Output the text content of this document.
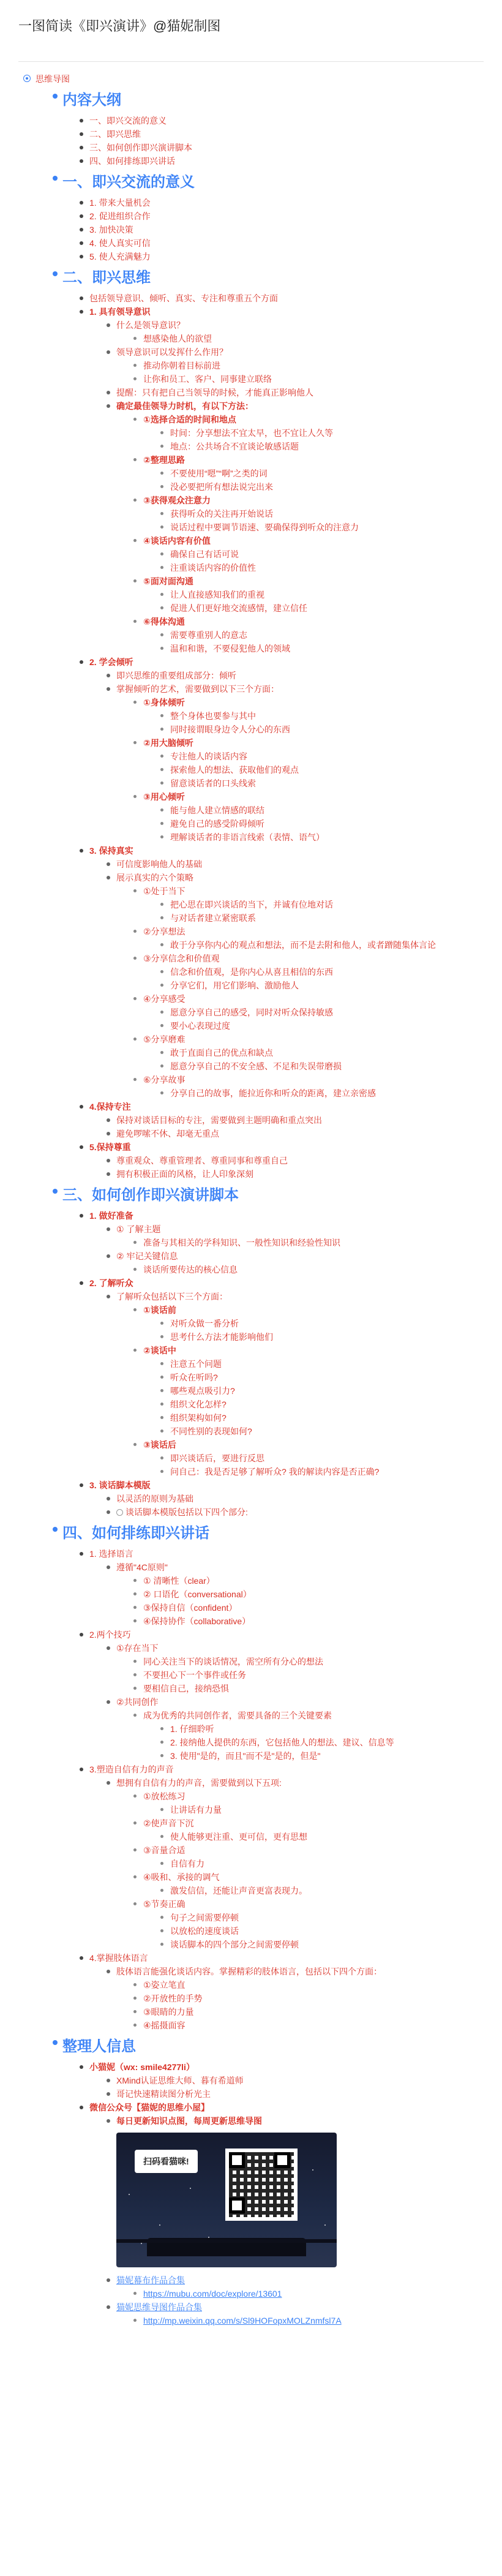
一图简读《即兴演讲》@猫妮制图
思维导图
内容大纲
一、即兴交流的意义
二、即兴思维
三、如何创作即兴演讲脚本
四、如何排练即兴讲话
一、即兴交流的意义
1. 带来大量机会
2. 促进组织合作
3. 加快决策
4. 使人真实可信
5. 使人充满魅力
二、即兴思维
包括领导意识、倾听、真实、专注和尊重五个方面
1. 具有领导意识
什么是领导意识？
想感染他人的欲望
领导意识可以发挥什么作用？
推动你朝着目标前进
让你和员工、客户、同事建立联络
提醒：只有把自己当领导的时候，才能真正影响他人
确定最佳领导力时机，有以下方法：
①选择合适的时间和地点
时间：分享想法不宜太早，也不宜让人久等
地点：公共场合不宜谈论敏感话题
②整理思路
不要使用“嗯”“啊”之类的词
没必要把所有想法说完出来
③获得观众注意力
获得听众的关注再开始说话
说话过程中要调节语速、要确保得到听众的注意力
④谈话内容有价值
确保自己有话可说
注重谈话内容的价值性
⑤面对面沟通
让人直接感知我们的重视
促进人们更好地交流感情，建立信任
⑥得体沟通
需要尊重别人的意志
温和和谐，不要侵犯他人的领域
2. 学会倾听
即兴思维的重要组成部分：倾听
掌握倾听的艺术，需要做到以下三个方面：
①身体倾听
整个身体也要参与其中
同时接谓眼身边令人分心的东西
②用大脑倾听
专注他人的谈话内容
探索他人的想法、获取他们的观点
留意谈话者的口头线索
③用心倾听
能与他人建立情感的联结
避免自己的感受阶碍倾听
理解谈话者的非语言线索（表情、语气）
3. 保持真实
可信度影响他人的基础
展示真实的六个策略
①处于当下
把心思在即兴谈话的当下，并诚有位地对话
与对话者建立紧密联系
②分享想法
敢于分享你内心的观点和想法，而不是去附和他人，或者蹭随集体言论
③分享信念和价值观
信念和价值观，是你内心从喜且相信的东西
分享它们，用它们影响、激励他人
④分享感受
愿意分享自己的感受，同时对听众保持敏感
要小心表现过度
⑤分享磨难
敢于直面自己的优点和缺点
愿意分享自己的不安全感、不足和失误带磨损
⑥分享故事
分享自己的故事，能拉近你和听众的距离，建立亲密感
4.保持专注
保持对谈话目标的专注，需要做到主题明确和重点突出
避免啰嗦不休、却毫无重点
5.保持尊重
尊重观众、尊重管理者、尊重同事和尊重自己
拥有积极正面的风格，让人印象深刻
三、如何创作即兴演讲脚本
1. 做好准备
① 了解主题
准备与其相关的学科知识、一般性知识和经验性知识
② 牢记关键信息
谈话所要传达的核心信息
2. 了解听众
了解听众包括以下三个方面：
①谈话前
对听众做一番分析
思考什么方法才能影响他们
②谈话中
注意五个问题
听众在听吗?
哪些观点吸引力?
组织文化怎样?
组织架构如何?
不同性别的表现如何?
③谈话后
即兴谈话后，要进行反思
问自己：我是否足够了解听众? 我的解读内容是否正确?
3. 谈话脚本模版
以灵活的原则为基础
谈话脚本模版包括以下四个部分:
四、如何排练即兴讲话
1. 选择语言
遵循"4C原则"
① 清晰性（clear）
② 口语化（conversational）
③保持自信（confident）
④保持协作（collaborative）
2.两个技巧
①存在当下
同心关注当下的谈话情况，需空所有分心的想法
不要担心下一个事件或任务
要相信自己，接纳恐惧
②共同创作
成为优秀的共同创作者，需要具备的三个关键要素
1. 仔细聆听
2. 接纳他人提供的东西，它包括他人的想法、建议、信息等
3. 使用"是的，而且"而不是"是的，但是"
3.塑造自信有力的声音
想拥有自信有力的声音，需要做到以下五项:
①放松练习
让讲话有力量
②使声音下沉
使人能够更注重、更可信，更有思想
③音量合适
自信有力
④吸和、承接的调气
激发信信，还能让声音更富表现力。
⑤节奏正确
句子之间需要停顿
以放松的速度谈话
谈话脚本的四个部分之间需要停顿
4.掌握肢体语言
肢体语言能强化谈话内容。掌握精彩的肢体语言，包括以下四个方面：
①姿立笔直
②开放性的手势
③眼睛的力量
④摇摄面容
整理人信息
小猫妮（wx: smile4277li）
XMind认证思维大师、暮有希道师
哥记快速精读图分析光主
微信公众号【猫妮的思维小屋】
每日更新知识点图，每周更新思维导图
扫码看猫咪!
猫妮幕布作品合集
https://mubu.com/doc/explore/13601
猫妮思维导图作品合集
http://mp.weixin.qq.com/s/Sl9HOFopxMOLZnmfsl7A
